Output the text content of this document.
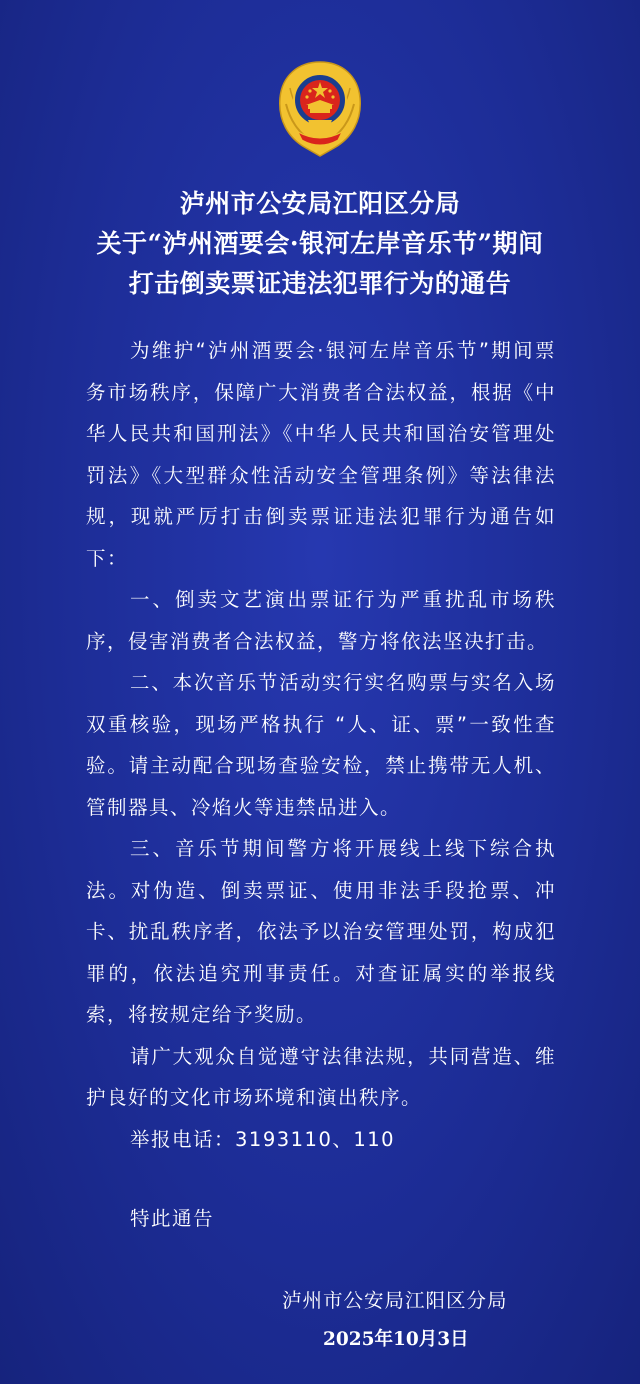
泸州市公安局江阳区分局
关于“泸州酒要会·银河左岸音乐节”期间
打击倒卖票证违法犯罪行为的通告

为维护“泸州酒要会·银河左岸音乐节”期间票务市场秩序，保障广大消费者合法权益，根据《中华人民共和国刑法》《中华人民共和国治安管理处罚法》《大型群众性活动安全管理条例》等法律法规，现就严厉打击倒卖票证违法犯罪行为通告如下：

一、倒卖文艺演出票证行为严重扰乱市场秩序，侵害消费者合法权益，警方将依法坚决打击。

二、本次音乐节活动实行实名购票与实名入场双重核验，现场严格执行 “人、证、票”一致性查验。请主动配合现场查验安检，禁止携带无人机、管制器具、冷焰火等违禁品进入。

三、音乐节期间警方将开展线上线下综合执法。对伪造、倒卖票证、使用非法手段抢票、冲卡、扰乱秩序者，依法予以治安管理处罚，构成犯罪的，依法追究刑事责任。对查证属实的举报线索，将按规定给予奖励。

请广大观众自觉遵守法律法规，共同营造、维护良好的文化市场环境和演出秩序。

举报电话：3193110、110

特此通告
泸州市公安局江阳区分局
2025年10月3日
